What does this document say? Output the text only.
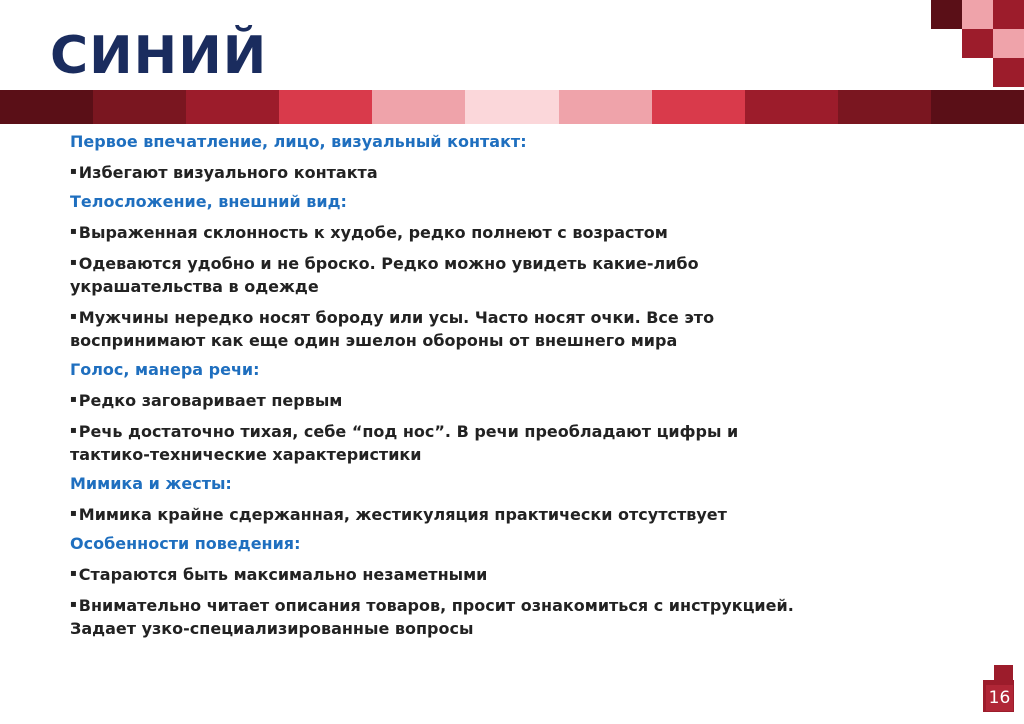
СИНИЙ
Первое впечатление, лицо, визуальный контакт:
▪ Избегают визуального контакта
Телосложение, внешний вид:
▪ Выраженная склонность к худобе, редко полнеют с возрастом
▪ Одеваются удобно и не броско. Редко можно увидеть какие-либо украшательства в одежде
▪ Мужчины нередко носят бороду или усы. Часто носят очки. Все это воспринимают как еще один эшелон обороны от внешнего мира
Голос, манера речи:
▪ Редко заговаривает первым
▪ Речь достаточно тихая, себе “под нос”. В речи преобладают цифры и тактико-технические характеристики
Мимика и жесты:
▪ Мимика крайне сдержанная, жестикуляция практически отсутствует
Особенности поведения:
▪ Стараются быть максимально незаметными
▪ Внимательно читает описания товаров, просит ознакомиться с инструкцией. Задает узко-специализированные вопросы
16
